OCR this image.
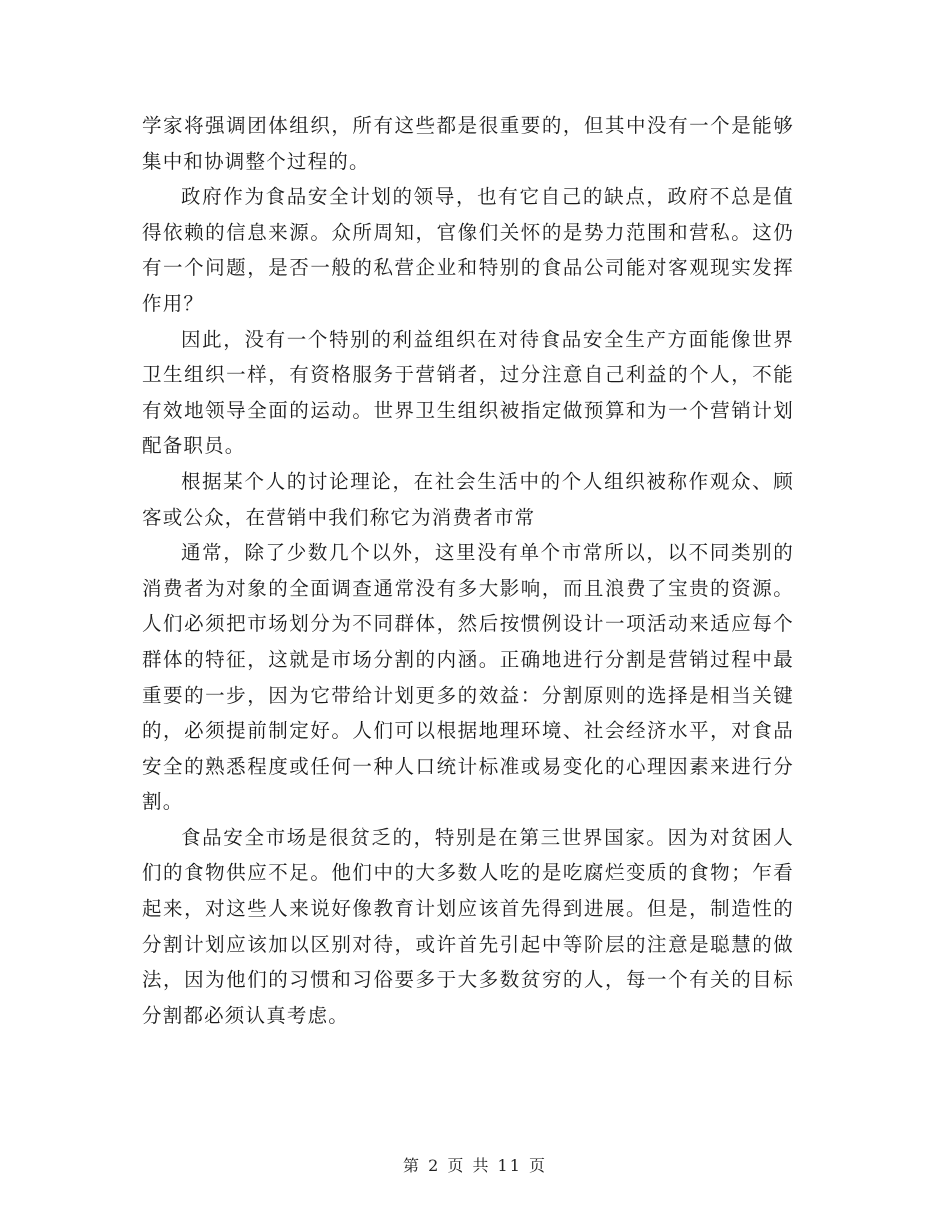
学家将强调团体组织，所有这些都是很重要的，但其中没有一个是能够集中和协调整个过程的。

政府作为食品安全计划的领导，也有它自己的缺点，政府不总是值得依赖的信息来源。众所周知，官像们关怀的是势力范围和营私。这仍有一个问题，是否一般的私营企业和特别的食品公司能对客观现实发挥作用？

因此，没有一个特别的利益组织在对待食品安全生产方面能像世界卫生组织一样，有资格服务于营销者，过分注意自己利益的个人，不能有效地领导全面的运动。世界卫生组织被指定做预算和为一个营销计划配备职员。

根据某个人的讨论理论，在社会生活中的个人组织被称作观众、顾客或公众，在营销中我们称它为消费者市常

通常，除了少数几个以外，这里没有单个市常所以，以不同类别的消费者为对象的全面调查通常没有多大影响，而且浪费了宝贵的资源。人们必须把市场划分为不同群体，然后按惯例设计一项活动来适应每个群体的特征，这就是市场分割的内涵。正确地进行分割是营销过程中最重要的一步，因为它带给计划更多的效益：分割原则的选择是相当关键的，必须提前制定好。人们可以根据地理环境、社会经济水平，对食品安全的熟悉程度或任何一种人口统计标准或易变化的心理因素来进行分割。

食品安全市场是很贫乏的，特别是在第三世界国家。因为对贫困人们的食物供应不足。他们中的大多数人吃的是吃腐烂变质的食物；乍看起来，对这些人来说好像教育计划应该首先得到进展。但是，制造性的分割计划应该加以区别对待，或许首先引起中等阶层的注意是聪慧的做法，因为他们的习惯和习俗要多于大多数贫穷的人，每一个有关的目标分割都必须认真考虑。

第 2 页 共 11 页
